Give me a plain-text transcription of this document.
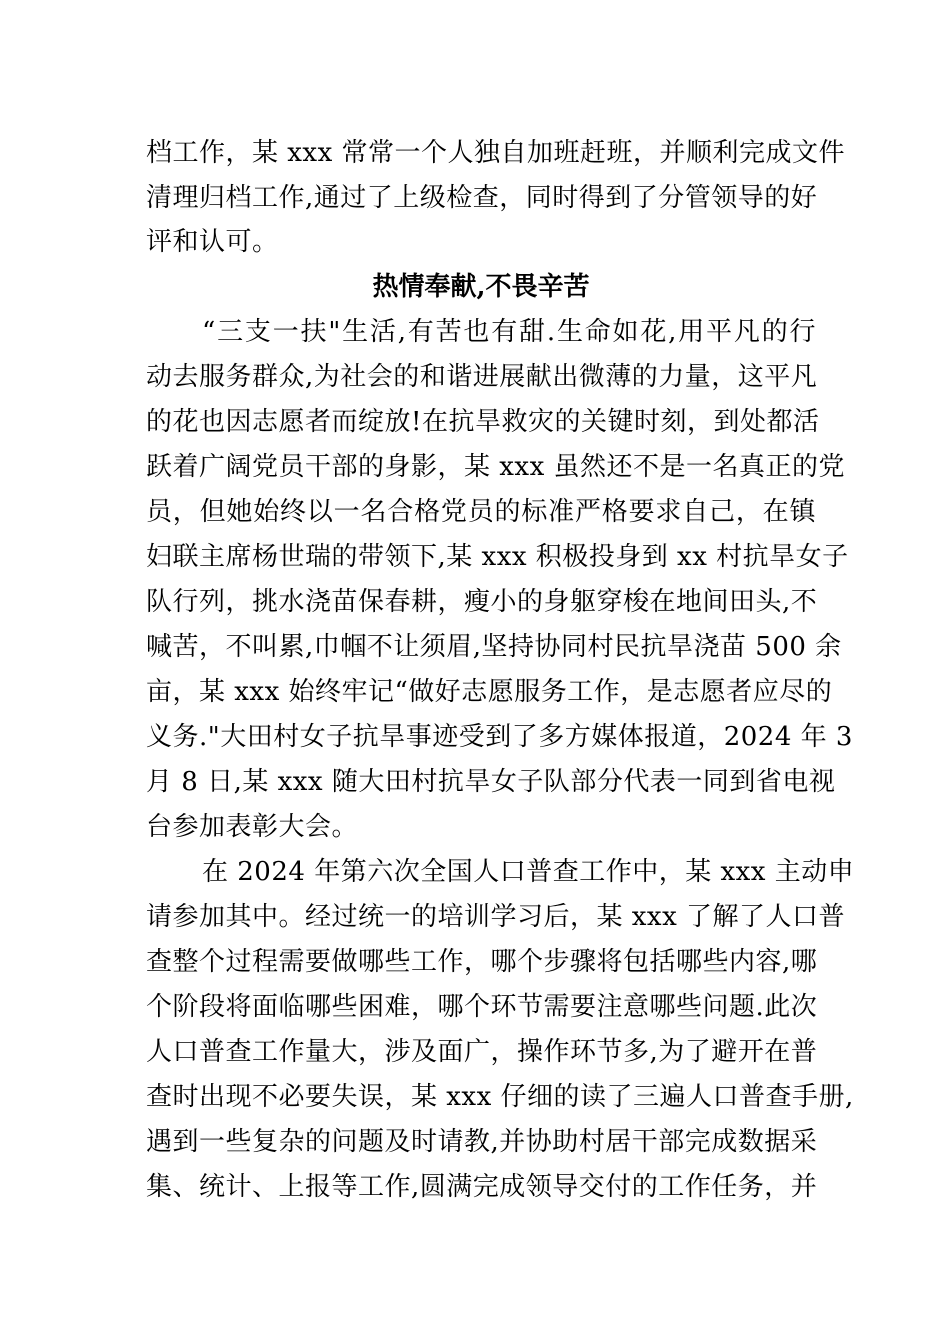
档工作，某 xxx 常常一个人独自加班赶班，并顺利完成文件
清理归档工作,通过了上级检查，同时得到了分管领导的好
评和认可。
热情奉献,不畏辛苦
“三支一扶"生活,有苦也有甜.生命如花,用平凡的行
动去服务群众,为社会的和谐进展献出微薄的力量，这平凡
的花也因志愿者而绽放!在抗旱救灾的关键时刻，到处都活
跃着广阔党员干部的身影，某 xxx 虽然还不是一名真正的党
员，但她始终以一名合格党员的标准严格要求自己，在镇
妇联主席杨世瑞的带领下,某 xxx 积极投身到 xx 村抗旱女子
队行列，挑水浇苗保春耕，瘦小的身躯穿梭在地间田头,不
喊苦，不叫累,巾帼不让须眉,坚持协同村民抗旱浇苗 500 余
亩，某 xxx 始终牢记“做好志愿服务工作，是志愿者应尽的
义务."大田村女子抗旱事迹受到了多方媒体报道，2024 年 3
月 8 日,某 xxx 随大田村抗旱女子队部分代表一同到省电视
台参加表彰大会。
在 2024 年第六次全国人口普查工作中，某 xxx 主动申
请参加其中。经过统一的培训学习后，某 xxx 了解了人口普
查整个过程需要做哪些工作，哪个步骤将包括哪些内容,哪
个阶段将面临哪些困难，哪个环节需要注意哪些问题.此次
人口普查工作量大，涉及面广，操作环节多,为了避开在普
查时出现不必要失误，某 xxx 仔细的读了三遍人口普查手册,
遇到一些复杂的问题及时请教,并协助村居干部完成数据采
集、统计、上报等工作,圆满完成领导交付的工作任务，并
